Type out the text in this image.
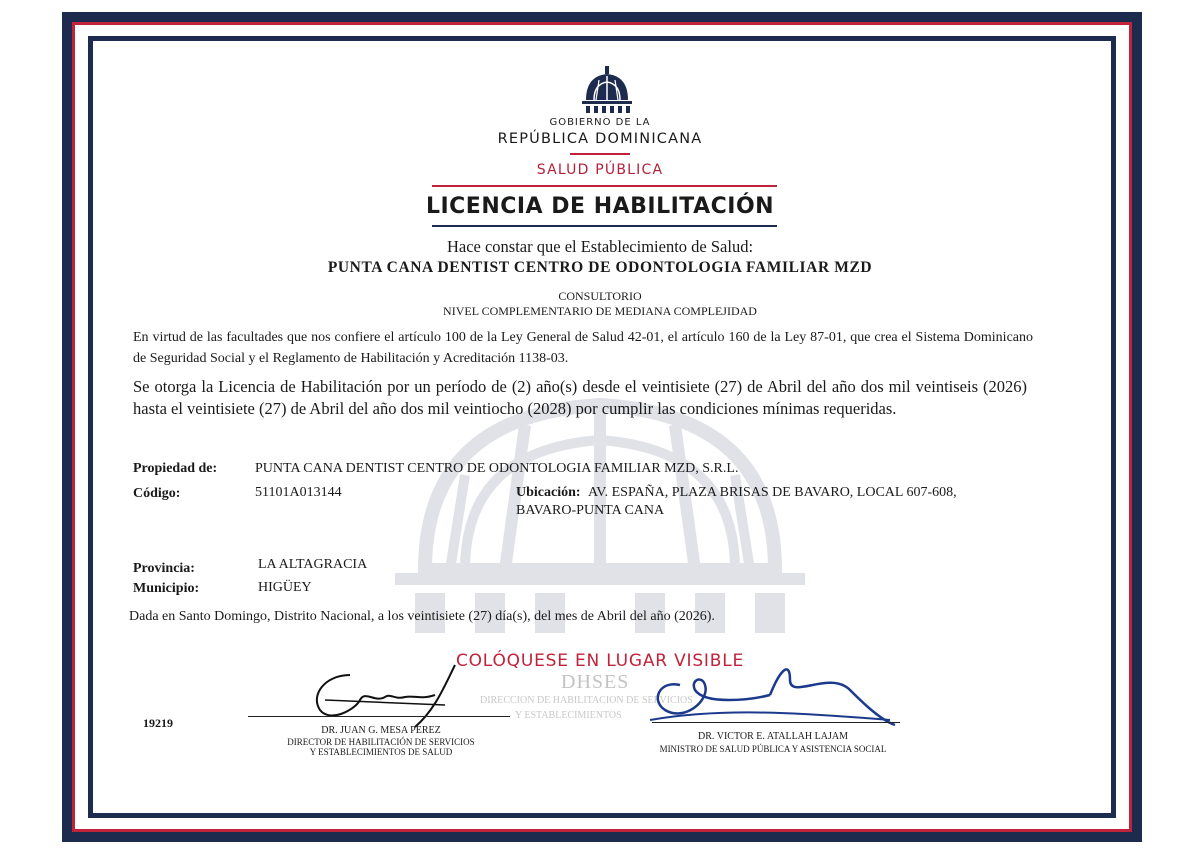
GOBIERNO DE LA
REPÚBLICA DOMINICANA
SALUD PÚBLICA
LICENCIA DE HABILITACIÓN
Hace constar que el Establecimiento de Salud:
PUNTA CANA DENTIST CENTRO DE ODONTOLOGIA FAMILIAR MZD
CONSULTORIO
NIVEL COMPLEMENTARIO DE MEDIANA COMPLEJIDAD
En virtud de las facultades que nos confiere el artículo 100 de la Ley General de Salud 42-01, el artículo 160 de la Ley 87-01, que crea el Sistema Dominicano de Seguridad Social y el Reglamento de Habilitación y Acreditación 1138-03.
Se otorga la Licencia de Habilitación por un período de (2) año(s) desde el veintisiete (27) de Abril del año dos mil veintiseis (2026) hasta el veintisiete (27) de Abril del año dos mil veintiocho (2028) por cumplir las condiciones mínimas requeridas.
Propiedad de:	PUNTA CANA DENTIST CENTRO DE ODONTOLOGIA FAMILIAR MZD, S.R.L.
Código:	51101A013144	Ubicación: AV. ESPAÑA, PLAZA BRISAS DE BAVARO, LOCAL 607-608,
BAVARO-PUNTA CANA
Provincia:	LA ALTAGRACIA
Municipio:	HIGÜEY
Dada en Santo Domingo, Distrito Nacional, a los veintisiete (27) día(s), del mes de Abril del año (2026).
COLÓQUESE EN LUGAR VISIBLE
DHSES
DIRECCION DE HABILITACION DE SERVICIOS
Y ESTABLECIMIENTOS
19219
DR. JUAN G. MESA PEREZ
DIRECTOR DE HABILITACIÓN DE SERVICIOS
Y ESTABLECIMIENTOS DE SALUD
DR. VICTOR E. ATALLAH LAJAM
MINISTRO DE SALUD PÚBLICA Y ASISTENCIA SOCIAL
